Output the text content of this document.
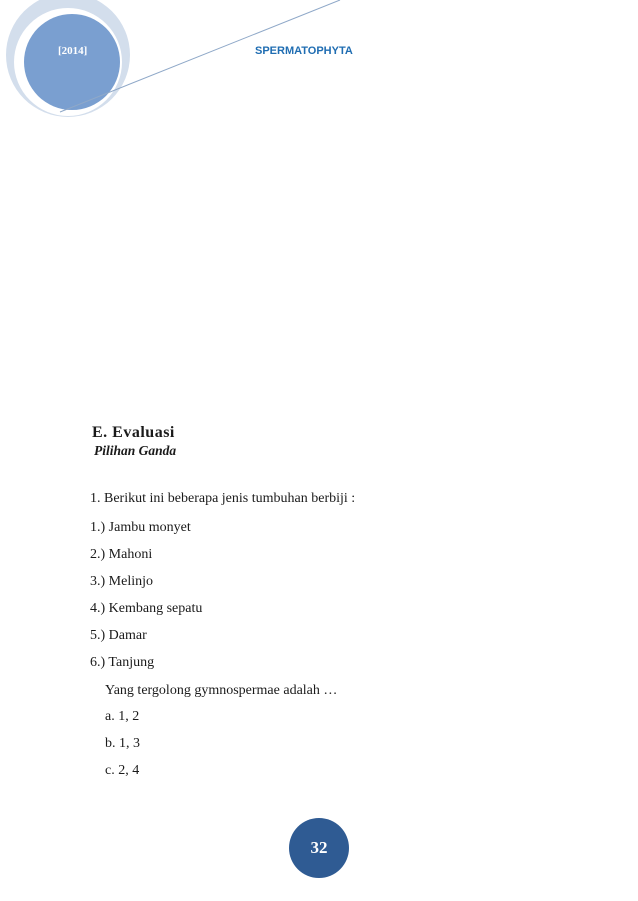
[2014]	SPERMATOPHYTA
E. Evaluasi
Pilihan Ganda
1. Berikut ini beberapa jenis tumbuhan berbiji :
1.) Jambu monyet
2.) Mahoni
3.) Melinjo
4.) Kembang sepatu
5.) Damar
6.) Tanjung
Yang tergolong gymnospermae adalah …
a. 1, 2
b. 1, 3
c. 2, 4
32
